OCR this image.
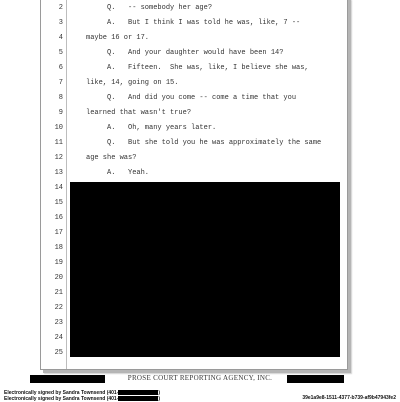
2	Q.   -- somebody her age?
3	A.   But I think I was told he was, like, 7 --
4	maybe 16 or 17.
5	Q.   And your daughter would have been 14?
6	A.   Fifteen.  She was, like, I believe she was,
7	like, 14, going on 15.
8	Q.   And did you come -- come a time that you
9	learned that wasn't true?
10	A.   Oh, many years later.
11	Q.   But she told you he was approximately the same
12	age she was?
13	A.   Yeah.
14
15
16
17
18
19
20
21
22
23
24
25
PROSE COURT REPORTING AGENCY, INC.
Electronically signed by Sandra Townsend (401-	)
Electronically signed by Sandra Townsend (401-	)	39e1a9e8-1511-4377-b739-af9b47943fe2
